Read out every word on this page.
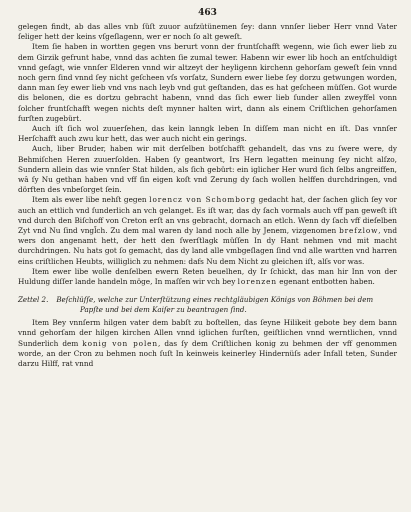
463

gelegen findt, ab das alles vnb ſüſt zuuor aufzütünemen ſey: dann vnnſer lieber Herr vnnd Vater ſeliger hett der keins vſgeſlagenn, wer er noch ſo alt geweſt.

Item ſie haben in wortten gegen vns berurt vonn der fruntſchafft wegenn, wie ſich ewer lieb zu dem Girzik gefrunt habe, vnnd das achten ſie zumal tewer. Habenn wir ewer lib hoch an entſchuldigt vnnd geſagt, wie vnnſer Elderen vnnd wir altzeyt der heyligenn kirchenn gehorſam geweſt ſein vnnd noch gern ſind vnnd ſey nicht geſcheen vſs vorſatz, Sundern ewer liebe ſey dorzu getwungen worden, dann man ſey ewer lieb vnd vns nach leyb vnd gut geſtanden, das es hat geſcheen müſſen. Got wurde dis belonen, die es dortzu gebracht habenn, vnnd das ſich ewer lieb ſunder allen zweyffel vonn ſolcher fruntſchafft wegen nichts deſt mynner halten wirt, dann als einem Criſtlichen gehorſamen furſten zugebürt.

Auch iſt ſich wol zuuerſehen, das kein lanngk leben In diſſem man nicht en iſt. Das vnnſer Herſchafft auch zwu kur hett, das wer auch nicht ein gerings.

Auch, liber Bruder, haben wir mit derſelben botſchafft gehandelt, das vns zu ſwere were, dy Behmiſchen Heren zuuerſolden. Haben ſy geantwort, Irs Hern legatten meinung ſey nicht alſzo, Sundern allein das wie vnnſer Stat hilden, als ſich gebürt: ein iglicher Her wurd ſich ſelbs angreiffen, wâ ſy Nu gethan haben vnd vff ſin eigen koſt vnd Zerung dy ſach wollen helffen durchdringen, vnd dörften des vnbeſorget ſein.

Item als ewer libe nehſt gegen lorencz von Schomborg gedacht hat, der ſachen glich ſey vor auch an ettlich vnd ſunderlich an vch gelanget. Es iſt war, das dy ſach vormals auch vff pan geweſt iſt vnd durch den Biſchoff von Creton erſt an vns gebracht, dornach an etlch. Wenn dy ſach vff dieſelben Zyt vnd Nu ſind vngl̄ch. Zu dem mal waren dy land noch alle by Jenem, vizgenomen brefzlow, vnd wers don angenamt hett, der hett den ſwerſtlagk müſſen In dy Hant nehmen vnd mit macht durchdringen. Nu hats got ſo gemacht, das dy land alle vmbgeſlagen ſind vnd alle wartten vnd harren eins criſtlichen Heubts, williglich zu nehmen: dafs Nu dem Nicht zu gleichen iſt, alſs vor was.

Item ewer libe wolle denſelben ewern Reten beuelhen, dy Ir ſchickt, das man hir Inn von der Huldung diſſer lande handeln möge, In maſſen wir vch bey lorenzen egenant entbotten haben.

Zettel 2. Beſchlüſſe, welche zur Unterſtützung eines rechtgläubigen Königs von Böhmen bei dem
Papſte und bei dem Kaiſer zu beantragen ſind.

Item Bey vnnſerm hilgen vater dem babſt zu boſtellen, das ſeyne Hilikeit gebote bey dem bann vnnd gehorſam der hilgen kirchen Allen vnnd iglichen furſten, geiſtlichen vnnd werntlichen, vnnd Sunderlich dem konig von polen, das ſy dem Criſtlichen konig zu behmen der vff genommen worde, an der Cron zu behmen noch ſuſt In keinweis keinerley Hindernüſs ader Infall teten, Sunder darzu Hilff, rat vnnd
